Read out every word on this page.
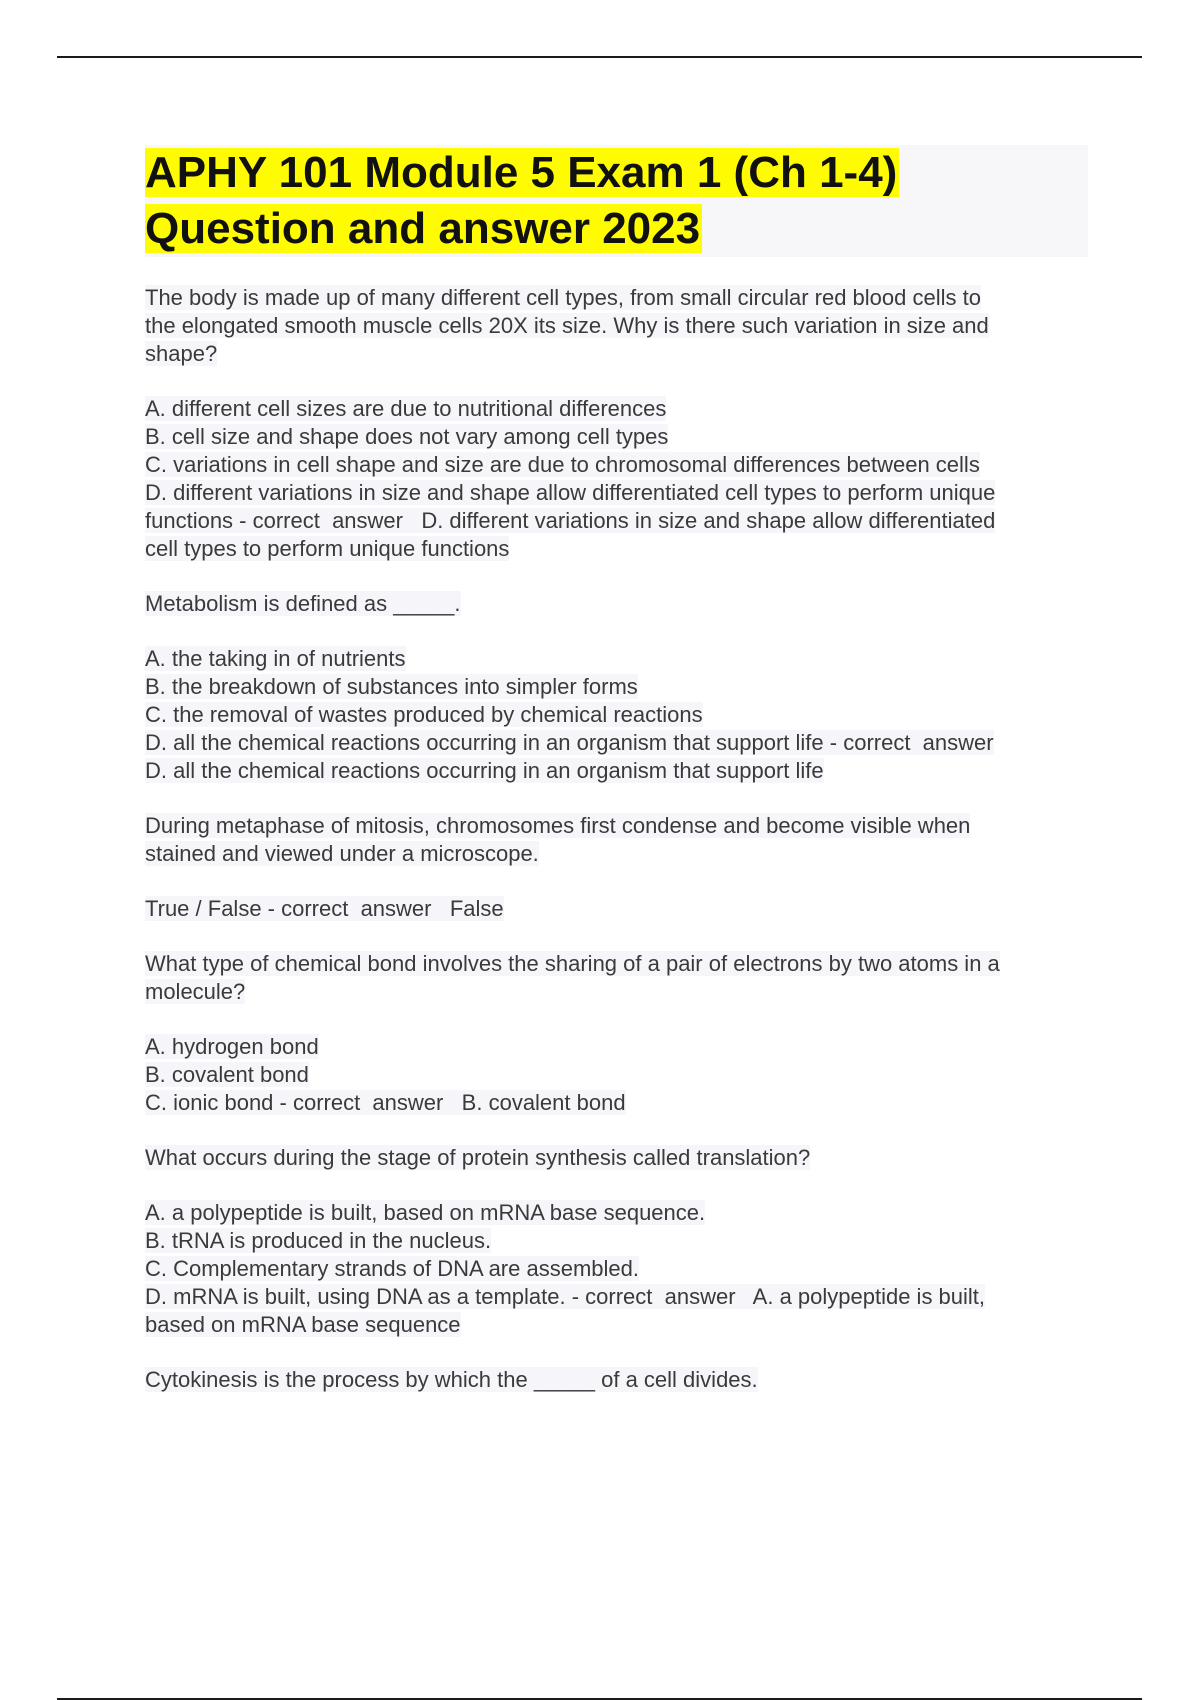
APHY 101 Module 5 Exam 1 (Ch 1-4)
Question and answer 2023
The body is made up of many different cell types, from small circular red blood cells to
the elongated smooth muscle cells 20X its size. Why is there such variation in size and
shape?
A. different cell sizes are due to nutritional differences
B. cell size and shape does not vary among cell types
C. variations in cell shape and size are due to chromosomal differences between cells
D. different variations in size and shape allow differentiated cell types to perform unique
functions - correct  answer   D. different variations in size and shape allow differentiated
cell types to perform unique functions
Metabolism is defined as _____.
A. the taking in of nutrients
B. the breakdown of substances into simpler forms
C. the removal of wastes produced by chemical reactions
D. all the chemical reactions occurring in an organism that support life - correct  answer
D. all the chemical reactions occurring in an organism that support life
During metaphase of mitosis, chromosomes first condense and become visible when
stained and viewed under a microscope.
True / False - correct  answer   False
What type of chemical bond involves the sharing of a pair of electrons by two atoms in a
molecule?
A. hydrogen bond
B. covalent bond
C. ionic bond - correct  answer   B. covalent bond
What occurs during the stage of protein synthesis called translation?
A. a polypeptide is built, based on mRNA base sequence.
B. tRNA is produced in the nucleus.
C. Complementary strands of DNA are assembled.
D. mRNA is built, using DNA as a template. - correct  answer   A. a polypeptide is built,
based on mRNA base sequence
Cytokinesis is the process by which the _____ of a cell divides.
